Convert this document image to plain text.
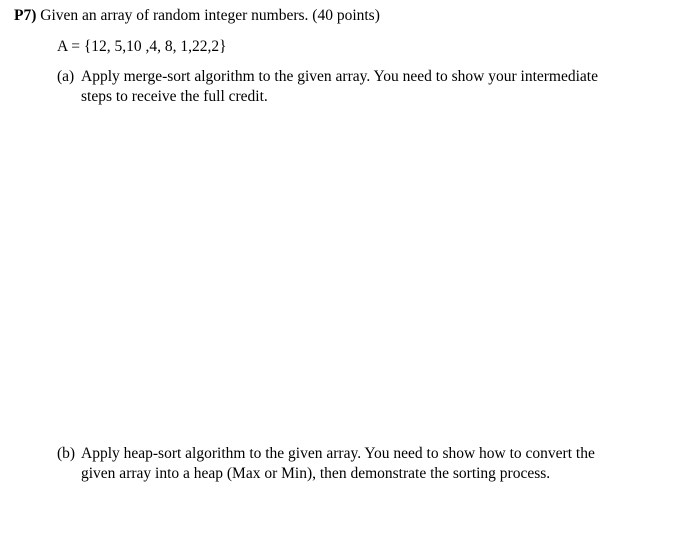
P7) Given an array of random integer numbers. (40 points)
A = {12, 5,10 ,4, 8, 1,22,2}
(a) Apply merge-sort algorithm to the given array. You need to show your intermediate
steps to receive the full credit.
(b) Apply heap-sort algorithm to the given array. You need to show how to convert the
given array into a heap (Max or Min), then demonstrate the sorting process.
